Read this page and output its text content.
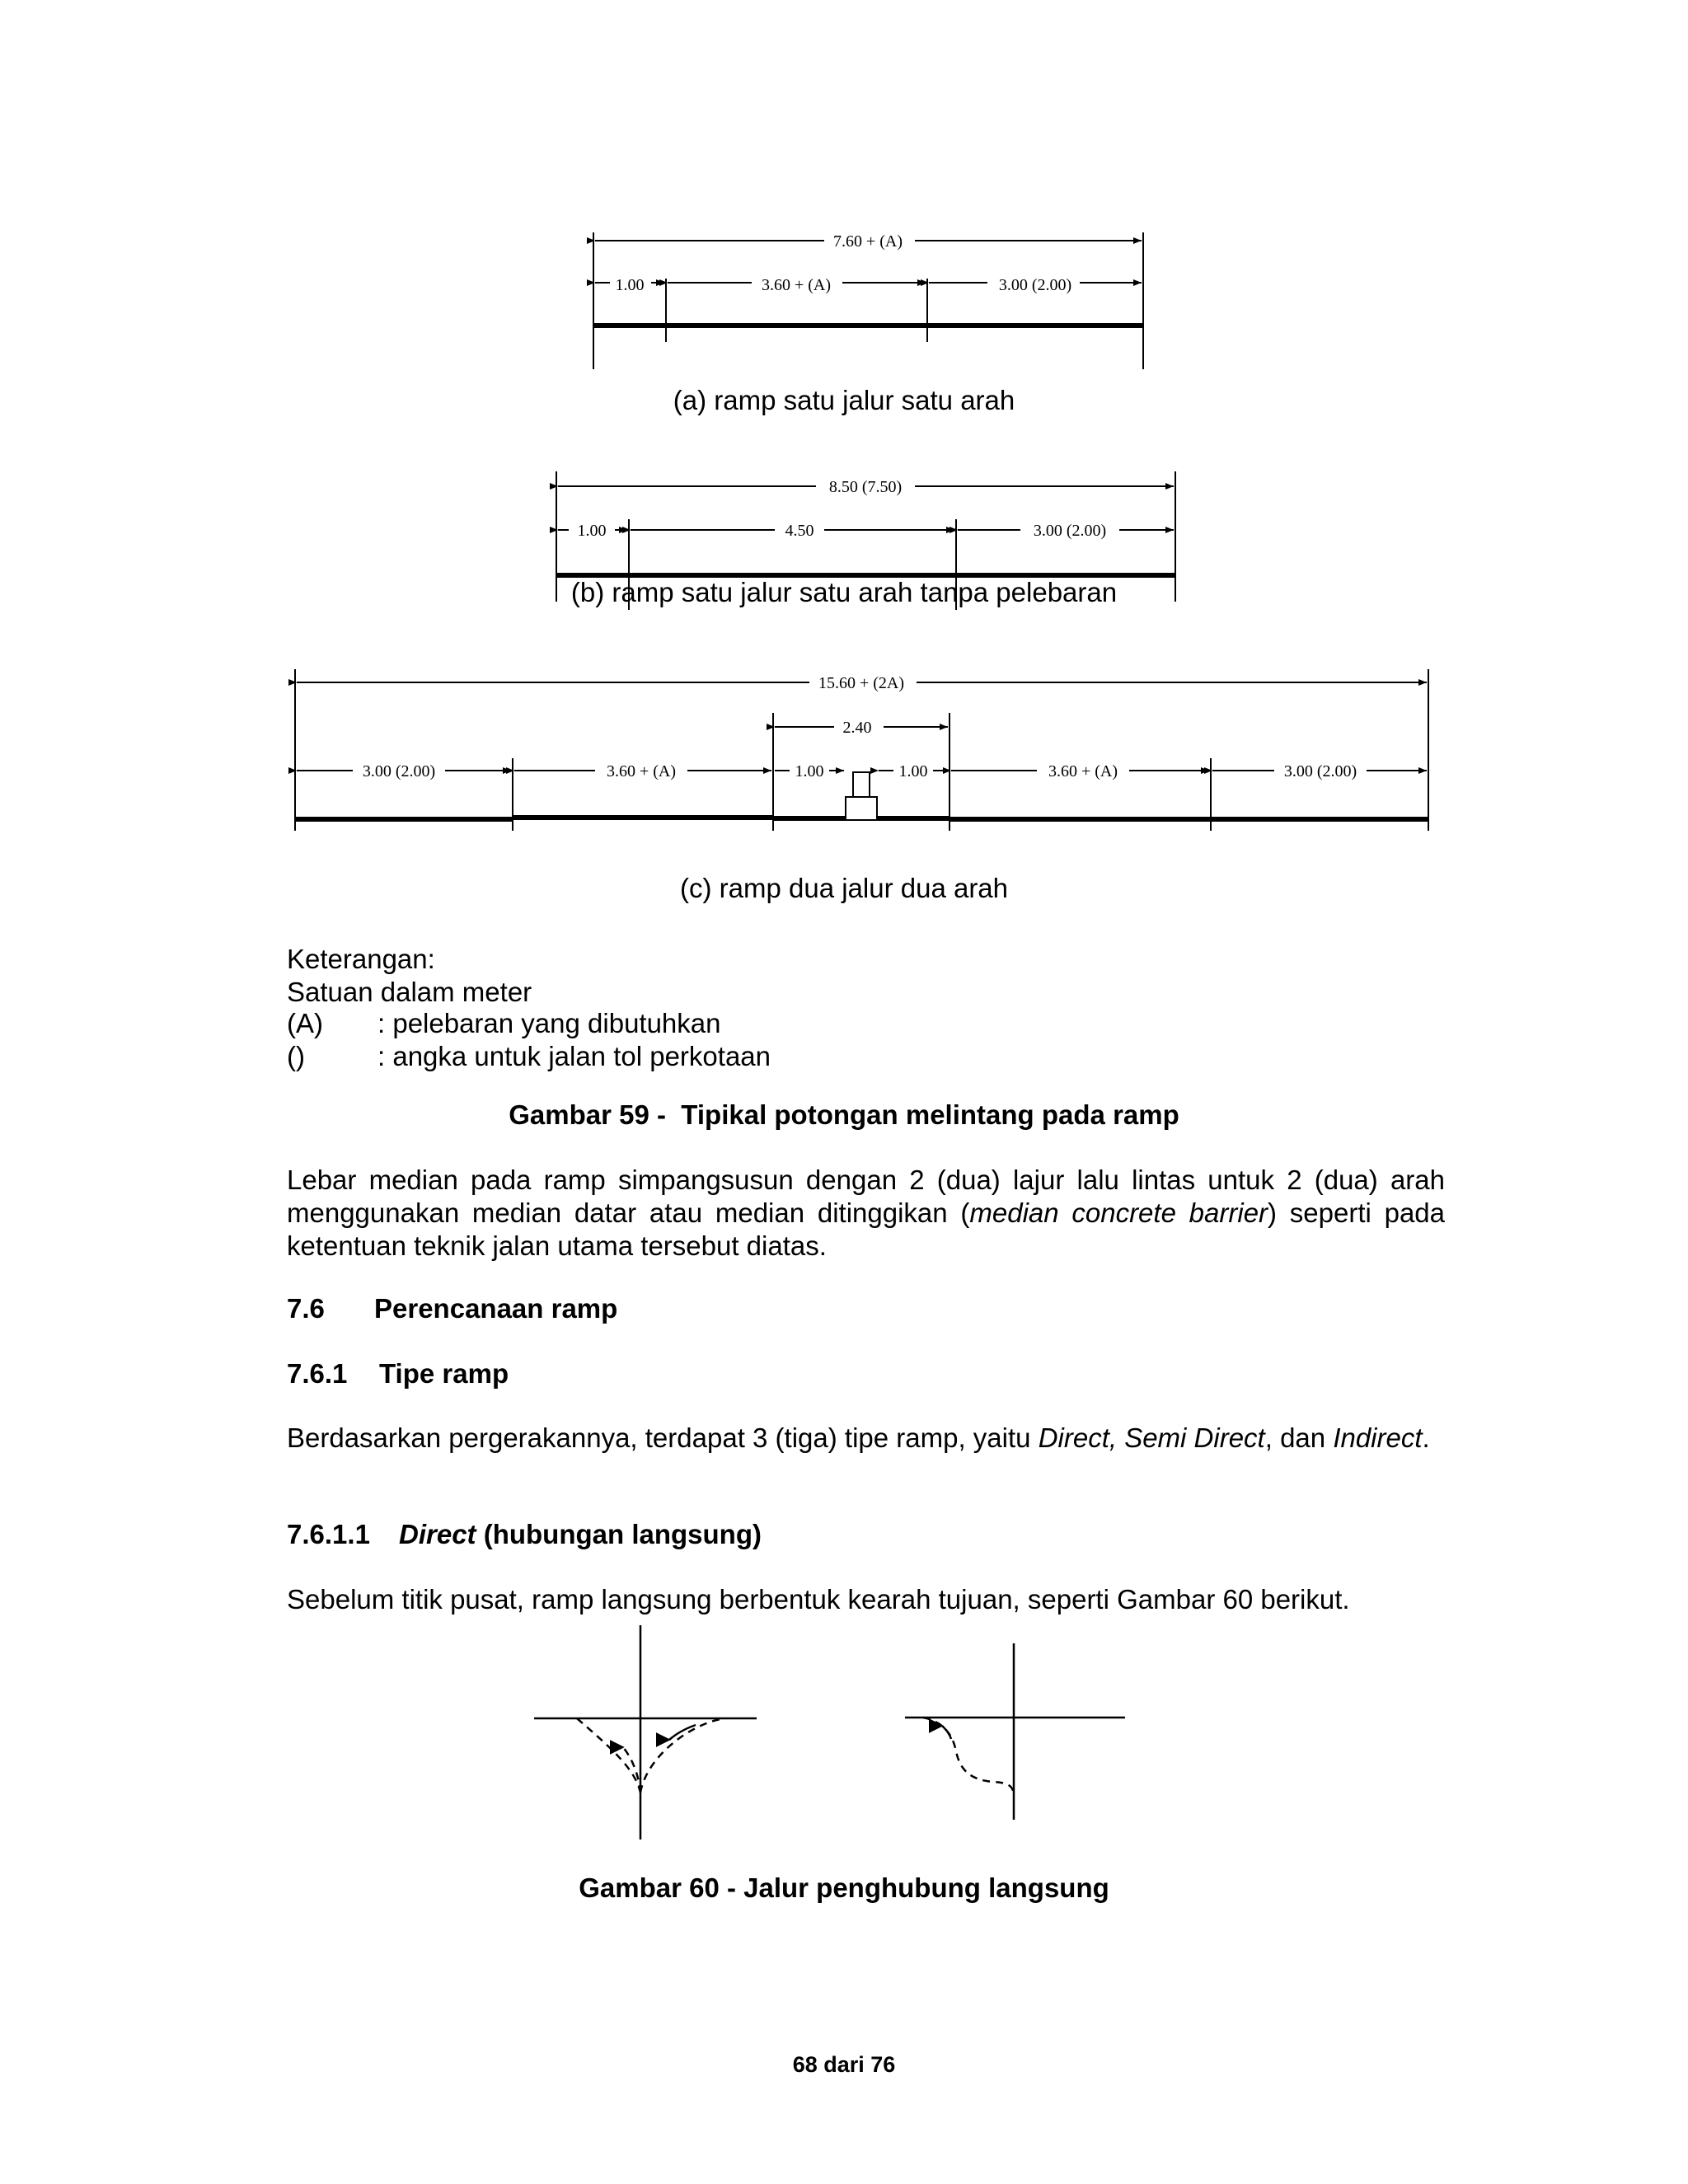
7.60 + (A)
1.00	3.60 + (A)	3.00 (2.00)
(a) ramp satu jalur satu arah
8.50 (7.50)
1.00	4.50	3.00 (2.00)
(b) ramp satu jalur satu arah tanpa pelebaran
15.60 + (2A)
2.40
3.00 (2.00)	3.60 + (A)	1.00	1.00	3.60 + (A)	3.00 (2.00)
(c) ramp dua jalur dua arah
Keterangan:
Satuan dalam meter
(A) : pelebaran yang dibutuhkan
()	: angka untuk jalan tol perkotaan
Gambar 59 -  Tipikal potongan melintang pada ramp
Lebar median pada ramp simpangsusun dengan 2 (dua) lajur lalu lintas untuk 2 (dua) arah menggunakan median datar atau median ditinggikan (median concrete barrier) seperti pada ketentuan teknik jalan utama tersebut diatas.
7.6 Perencanaan ramp
7.6.1 Tipe ramp
Berdasarkan pergerakannya, terdapat 3 (tiga) tipe ramp, yaitu Direct, Semi Direct, dan Indirect.
7.6.1.1 Direct (hubungan langsung)
Sebelum titik pusat, ramp langsung berbentuk kearah tujuan, seperti Gambar 60 berikut.
Gambar 60 - Jalur penghubung langsung
68 dari 76
